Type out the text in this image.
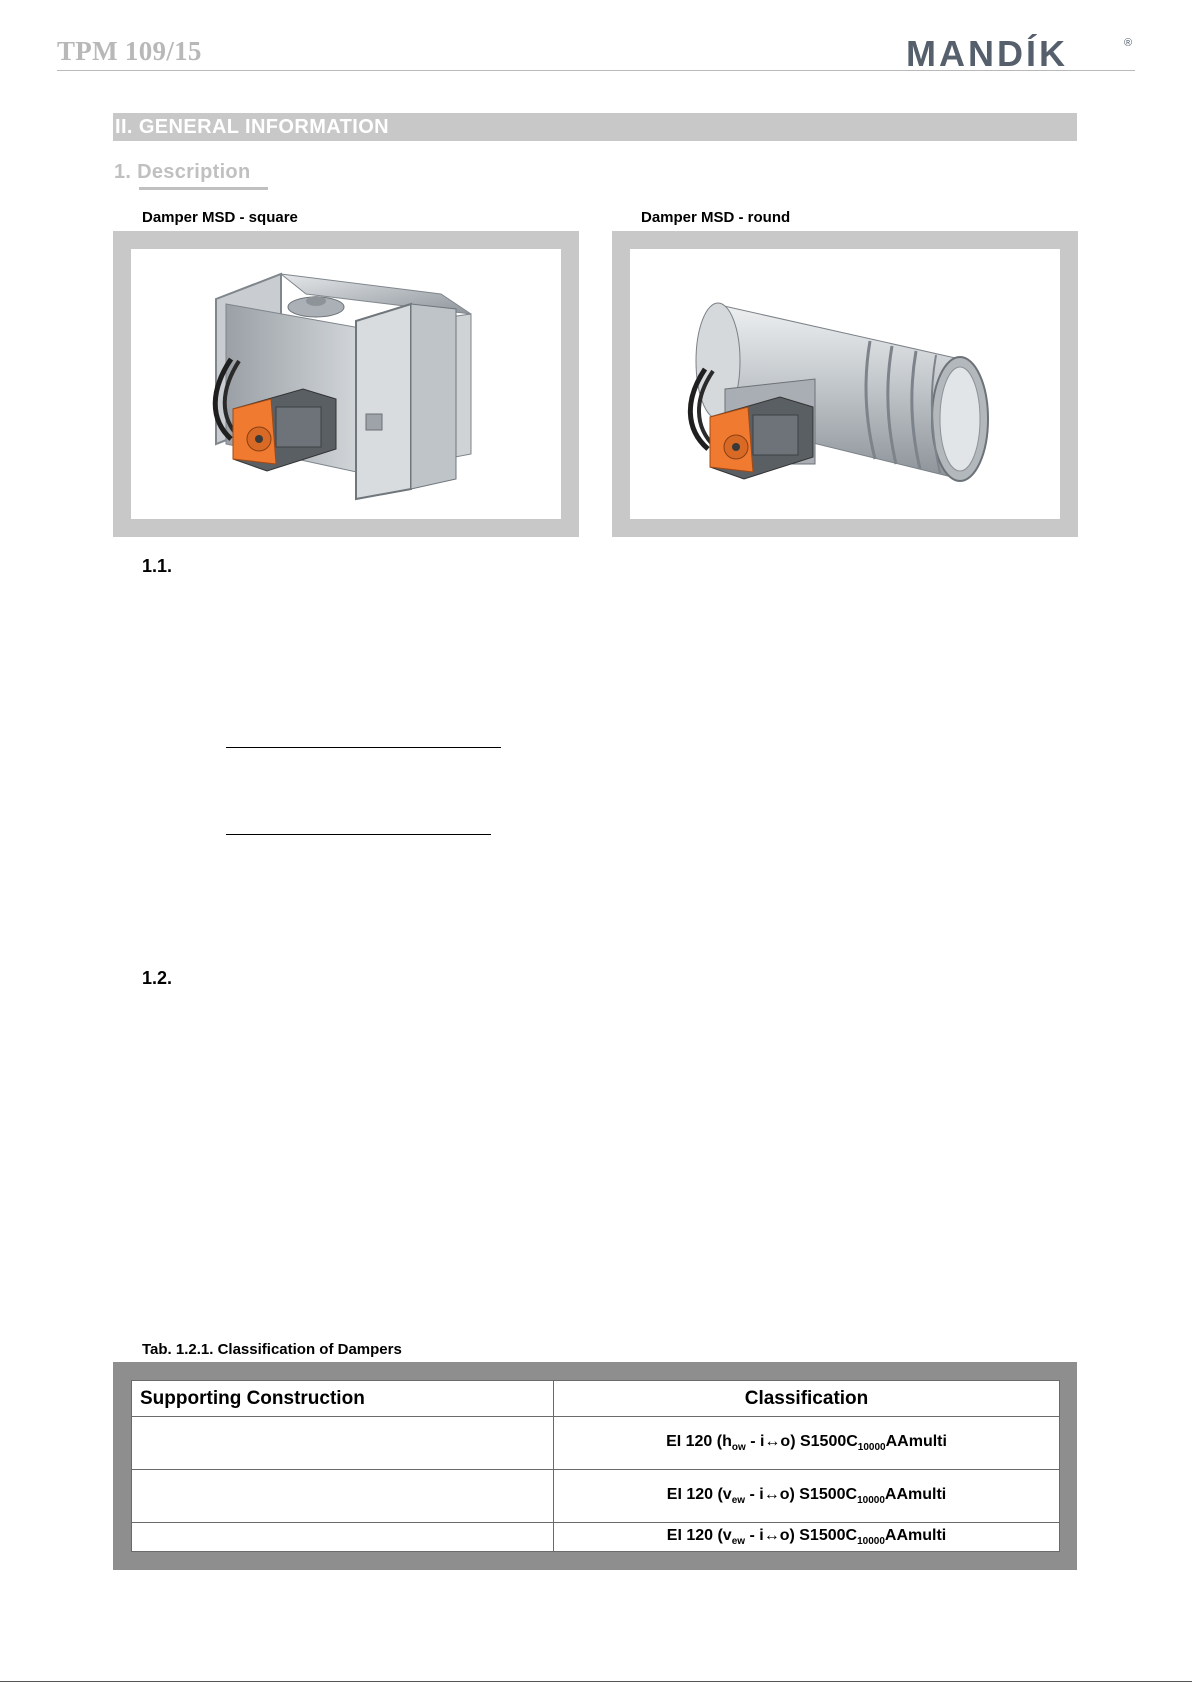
TPM 109/15	MANDÍK	®
II. GENERAL INFORMATION
1. Description
Damper MSD - square	Damper MSD - round
1.1.
1.2.
Tab. 1.2.1. Classification of Dampers
Supporting Construction	Classification
	EI 120 ($h_{ow}$ - i↔o) $S1500C_{10000}AAmulti$
	EI 120 ($v_{ew}$ - i↔o) $S1500C_{10000}AAmulti$
	EI 120 ($v_{ew}$ - i↔o) $S1500C_{10000}AAmulti$
